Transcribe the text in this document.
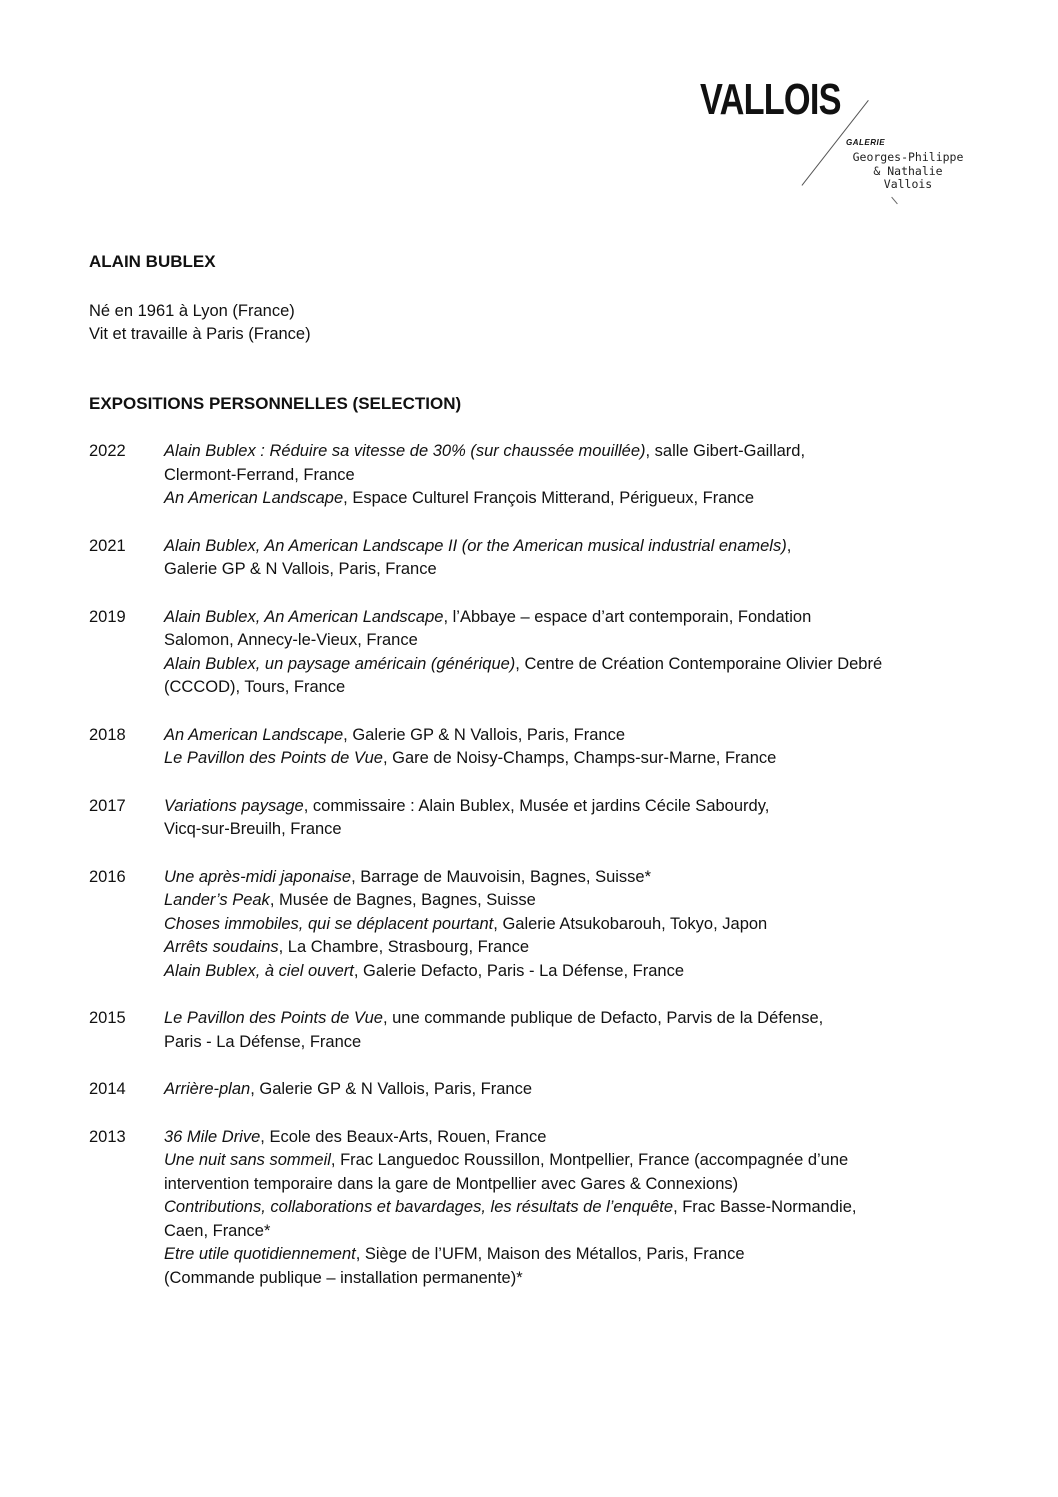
VALLOIS
GALERIE
Georges-Philippe
& Nathalie
Vallois
ALAIN BUBLEX
Né en 1961 à Lyon (France)
Vit et travaille à Paris (France)
EXPOSITIONS PERSONNELLES (SELECTION)
2022 Alain Bublex : Réduire sa vitesse de 30% (sur chaussée mouillée), salle Gibert-Gaillard,
Clermont-Ferrand, France
An American Landscape, Espace Culturel François Mitterand, Périgueux, France
2021 Alain Bublex, An American Landscape II (or the American musical industrial enamels),
Galerie GP & N Vallois, Paris, France
2019 Alain Bublex, An American Landscape, l’Abbaye – espace d’art contemporain, Fondation
Salomon, Annecy-le-Vieux, France
Alain Bublex, un paysage américain (générique), Centre de Création Contemporaine Olivier Debré
(CCCOD), Tours, France
2018 An American Landscape, Galerie GP & N Vallois, Paris, France
Le Pavillon des Points de Vue, Gare de Noisy-Champs, Champs-sur-Marne, France
2017 Variations paysage, commissaire : Alain Bublex, Musée et jardins Cécile Sabourdy,
Vicq-sur-Breuilh, France
2016 Une après-midi japonaise, Barrage de Mauvoisin, Bagnes, Suisse*
Lander’s Peak, Musée de Bagnes, Bagnes, Suisse
Choses immobiles, qui se déplacent pourtant, Galerie Atsukobarouh, Tokyo, Japon
Arrêts soudains, La Chambre, Strasbourg, France
Alain Bublex, à ciel ouvert, Galerie Defacto, Paris - La Défense, France
2015 Le Pavillon des Points de Vue, une commande publique de Defacto, Parvis de la Défense,
Paris - La Défense, France
2014 Arrière-plan, Galerie GP & N Vallois, Paris, France
2013 36 Mile Drive, Ecole des Beaux-Arts, Rouen, France
Une nuit sans sommeil, Frac Languedoc Roussillon, Montpellier, France (accompagnée d’une
intervention temporaire dans la gare de Montpellier avec Gares & Connexions)
Contributions, collaborations et bavardages, les résultats de l’enquête, Frac Basse-Normandie,
Caen, France*
Etre utile quotidiennement, Siège de l’UFM, Maison des Métallos, Paris, France
(Commande publique – installation permanente)*
